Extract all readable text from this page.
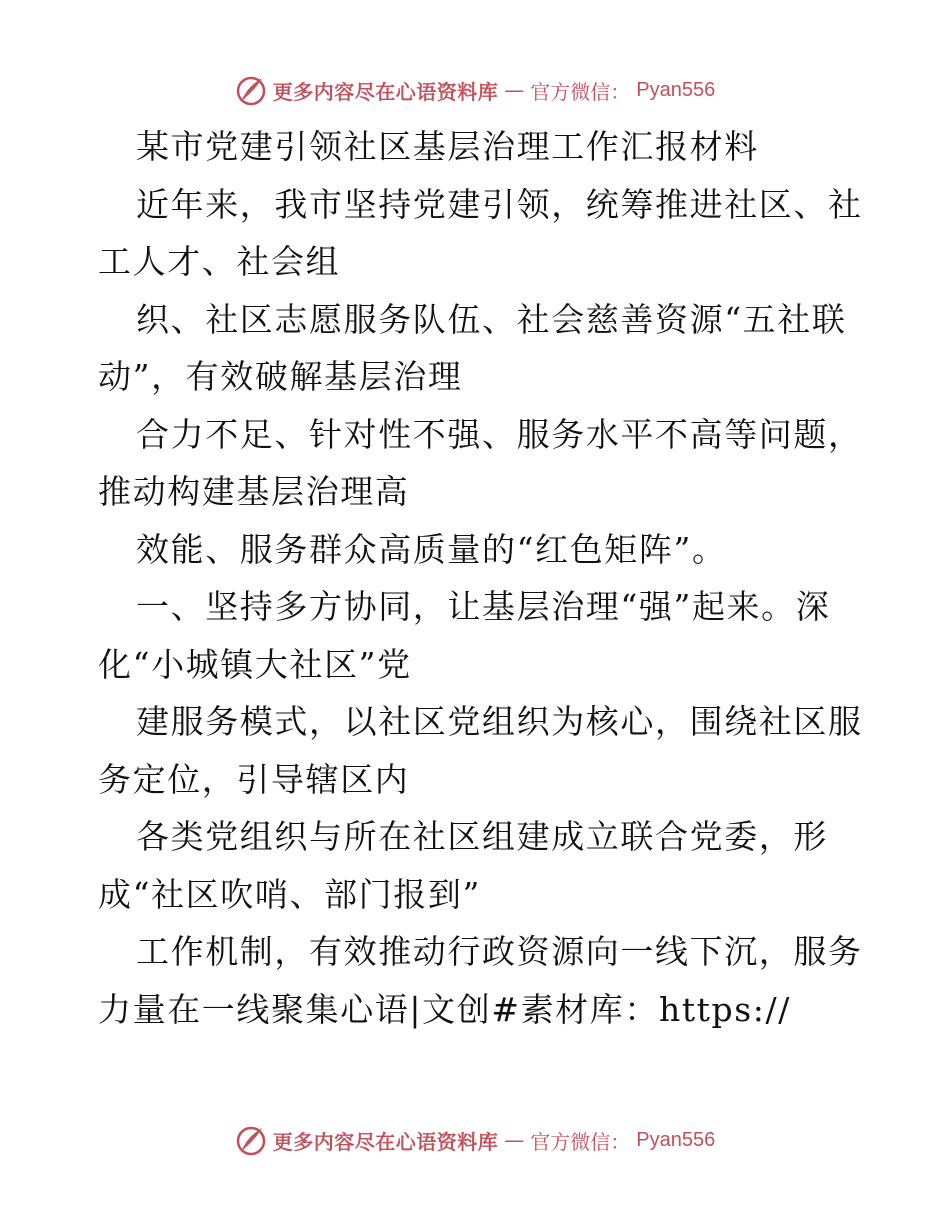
更多内容尽在心语资料库 — 官方微信： Pyan556
某市党建引领社区基层治理工作汇报材料
近年来，我市坚持党建引领，统筹推进社区、社
工人才、社会组
织、社区志愿服务队伍、社会慈善资源“五社联
动”，有效破解基层治理
合力不足、针对性不强、服务水平不高等问题，
推动构建基层治理高
效能、服务群众高质量的“红色矩阵”。
一、坚持多方协同，让基层治理“强”起来。深
化“小城镇大社区”党
建服务模式，以社区党组织为核心，围绕社区服
务定位，引导辖区内
各类党组织与所在社区组建成立联合党委，形
成“社区吹哨、部门报到”
工作机制，有效推动行政资源向一线下沉，服务
力量在一线聚集心语|文创#素材库：https://
更多内容尽在心语资料库 — 官方微信： Pyan556
